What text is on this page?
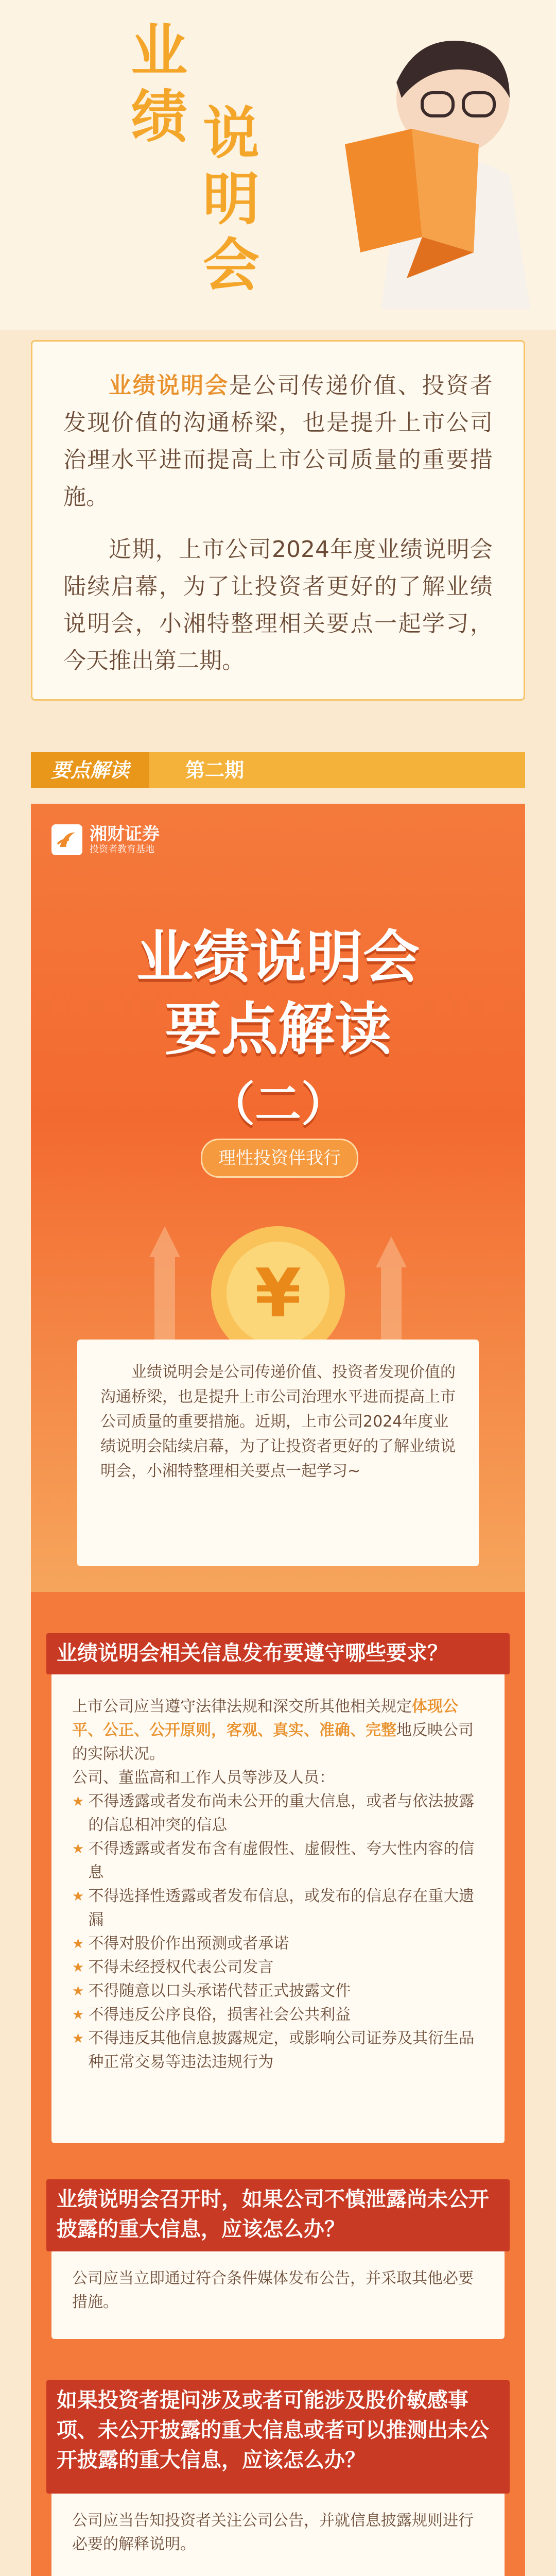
业绩
说明会

业绩说明会是公司传递价值、投资者发现价值的沟通桥梁，也是提升上市公司治理水平进而提高上市公司质量的重要措施。

近期，上市公司2024年度业绩说明会陆续启幕，为了让投资者更好的了解业绩说明会，小湘特整理相关要点一起学习，今天推出第二期。

要点解读	第二期
湘财证券
投资者教育基地
业绩说明会
要点解读
（二）
理性投资伴我行
¥
业绩说明会是公司传递价值、投资者发现价值的沟通桥梁，也是提升上市公司治理水平进而提高上市公司质量的重要措施。近期，上市公司2024年度业绩说明会陆续启幕，为了让投资者更好的了解业绩说明会，小湘特整理相关要点一起学习~
业绩说明会相关信息发布要遵守哪些要求？
上市公司应当遵守法律法规和深交所其他相关规定体现公平、公正、公开原则，客观、真实、准确、完整地反映公司的实际状况。
公司、董监高和工作人员等涉及人员：
★ 不得透露或者发布尚未公开的重大信息，或者与依法披露的信息相冲突的信息
★ 不得透露或者发布含有虚假性、虚假性、夸大性内容的信息
★ 不得选择性透露或者发布信息，或发布的信息存在重大遗漏
★ 不得对股价作出预测或者承诺
★ 不得未经授权代表公司发言
★ 不得随意以口头承诺代替正式披露文件
★ 不得违反公序良俗，损害社会公共利益
★ 不得违反其他信息披露规定，或影响公司证券及其衍生品种正常交易等违法违规行为
业绩说明会召开时，如果公司不慎泄露尚未公开披露的重大信息，应该怎么办？
公司应当立即通过符合条件媒体发布公告，并采取其他必要措施。
如果投资者提问涉及或者可能涉及股价敏感事项、未公开披露的重大信息或者可以推测出未公开披露的重大信息，应该怎么办？
公司应当告知投资者关注公司公告，并就信息披露规则进行必要的解释说明。
